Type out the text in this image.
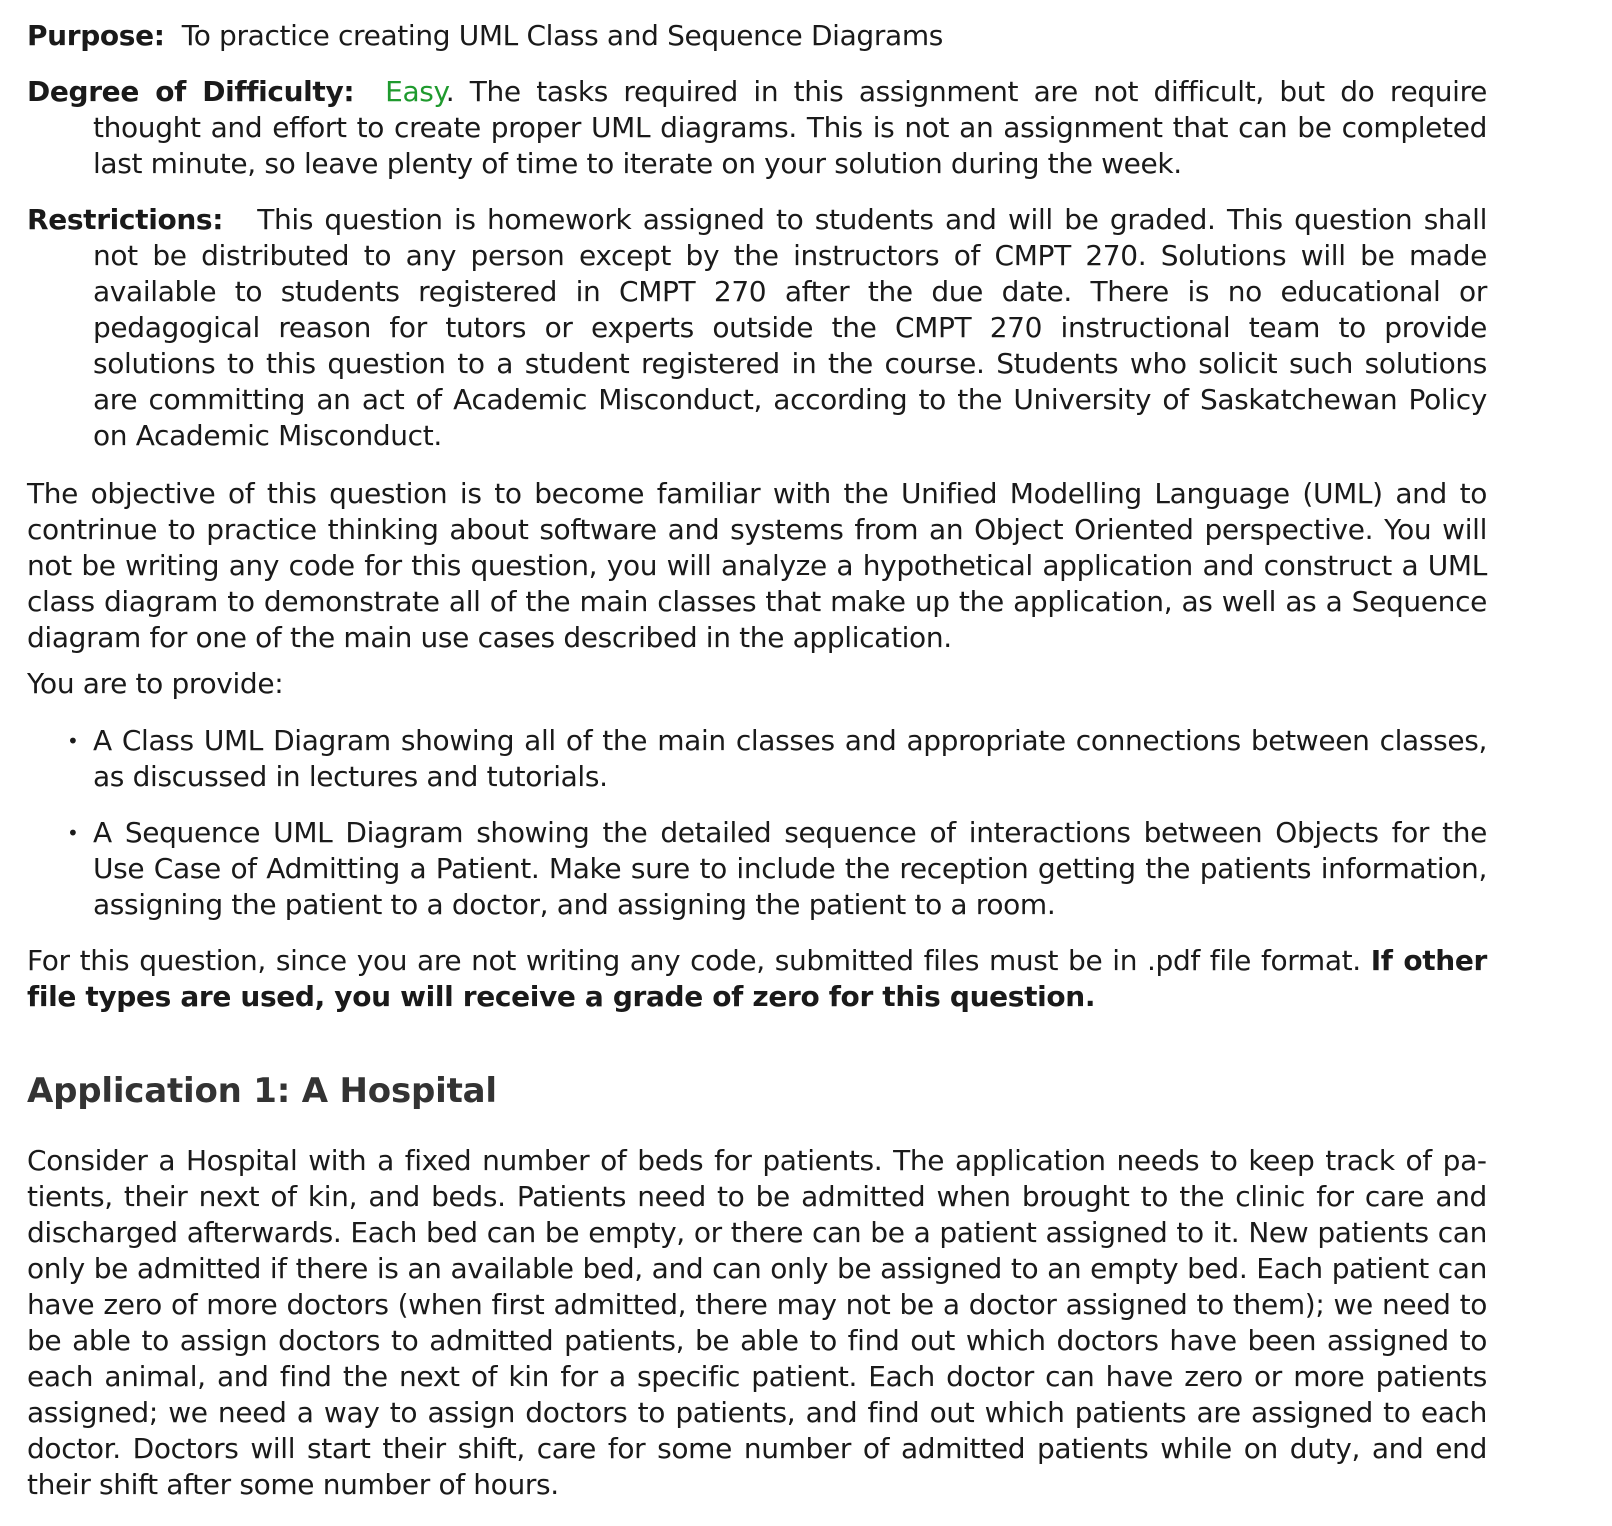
Purpose: To practice creating UML Class and Sequence Diagrams

Degree of Difficulty: Easy. The tasks required in this assignment are not difficult, but do require thought and effort to create proper UML diagrams. This is not an assignment that can be completed last minute, so leave plenty of time to iterate on your solution during the week.

Restrictions: This question is homework assigned to students and will be graded. This question shall not be distributed to any person except by the instructors of CMPT 270. Solutions will be made available to students registered in CMPT 270 after the due date. There is no educational or pedagogical reason for tutors or experts outside the CMPT 270 instructional team to provide solutions to this question to a student registered in the course. Students who solicit such solutions are committing an act of Academic Misconduct, according to the University of Saskatchewan Policy on Academic Misconduct.

The objective of this question is to become familiar with the Unified Modelling Language (UML) and to contrinue to practice thinking about software and systems from an Object Oriented perspective. You will not be writing any code for this question, you will analyze a hypothetical application and construct a UML class diagram to demonstrate all of the main classes that make up the application, as well as a Sequence diagram for one of the main use cases described in the application.

You are to provide:

• A Class UML Diagram showing all of the main classes and appropriate connections between classes, as discussed in lectures and tutorials.
• A Sequence UML Diagram showing the detailed sequence of interactions between Objects for the Use Case of Admitting a Patient. Make sure to include the reception getting the patients information, assigning the patient to a doctor, and assigning the patient to a room.

For this question, since you are not writing any code, submitted files must be in .pdf file format. If other file types are used, you will receive a grade of zero for this question.

Application 1: A Hospital

Consider a Hospital with a fixed number of beds for patients. The application needs to keep track of patients, their next of kin, and beds. Patients need to be admitted when brought to the clinic for care and discharged afterwards. Each bed can be empty, or there can be a patient assigned to it. New patients can only be admitted if there is an available bed, and can only be assigned to an empty bed. Each patient can have zero of more doctors (when first admitted, there may not be a doctor assigned to them); we need to be able to assign doctors to admitted patients, be able to find out which doctors have been assigned to each animal, and find the next of kin for a specific patient. Each doctor can have zero or more patients assigned; we need a way to assign doctors to patients, and find out which patients are assigned to each doctor. Doctors will start their shift, care for some number of admitted patients while on duty, and end their shift after some number of hours.
